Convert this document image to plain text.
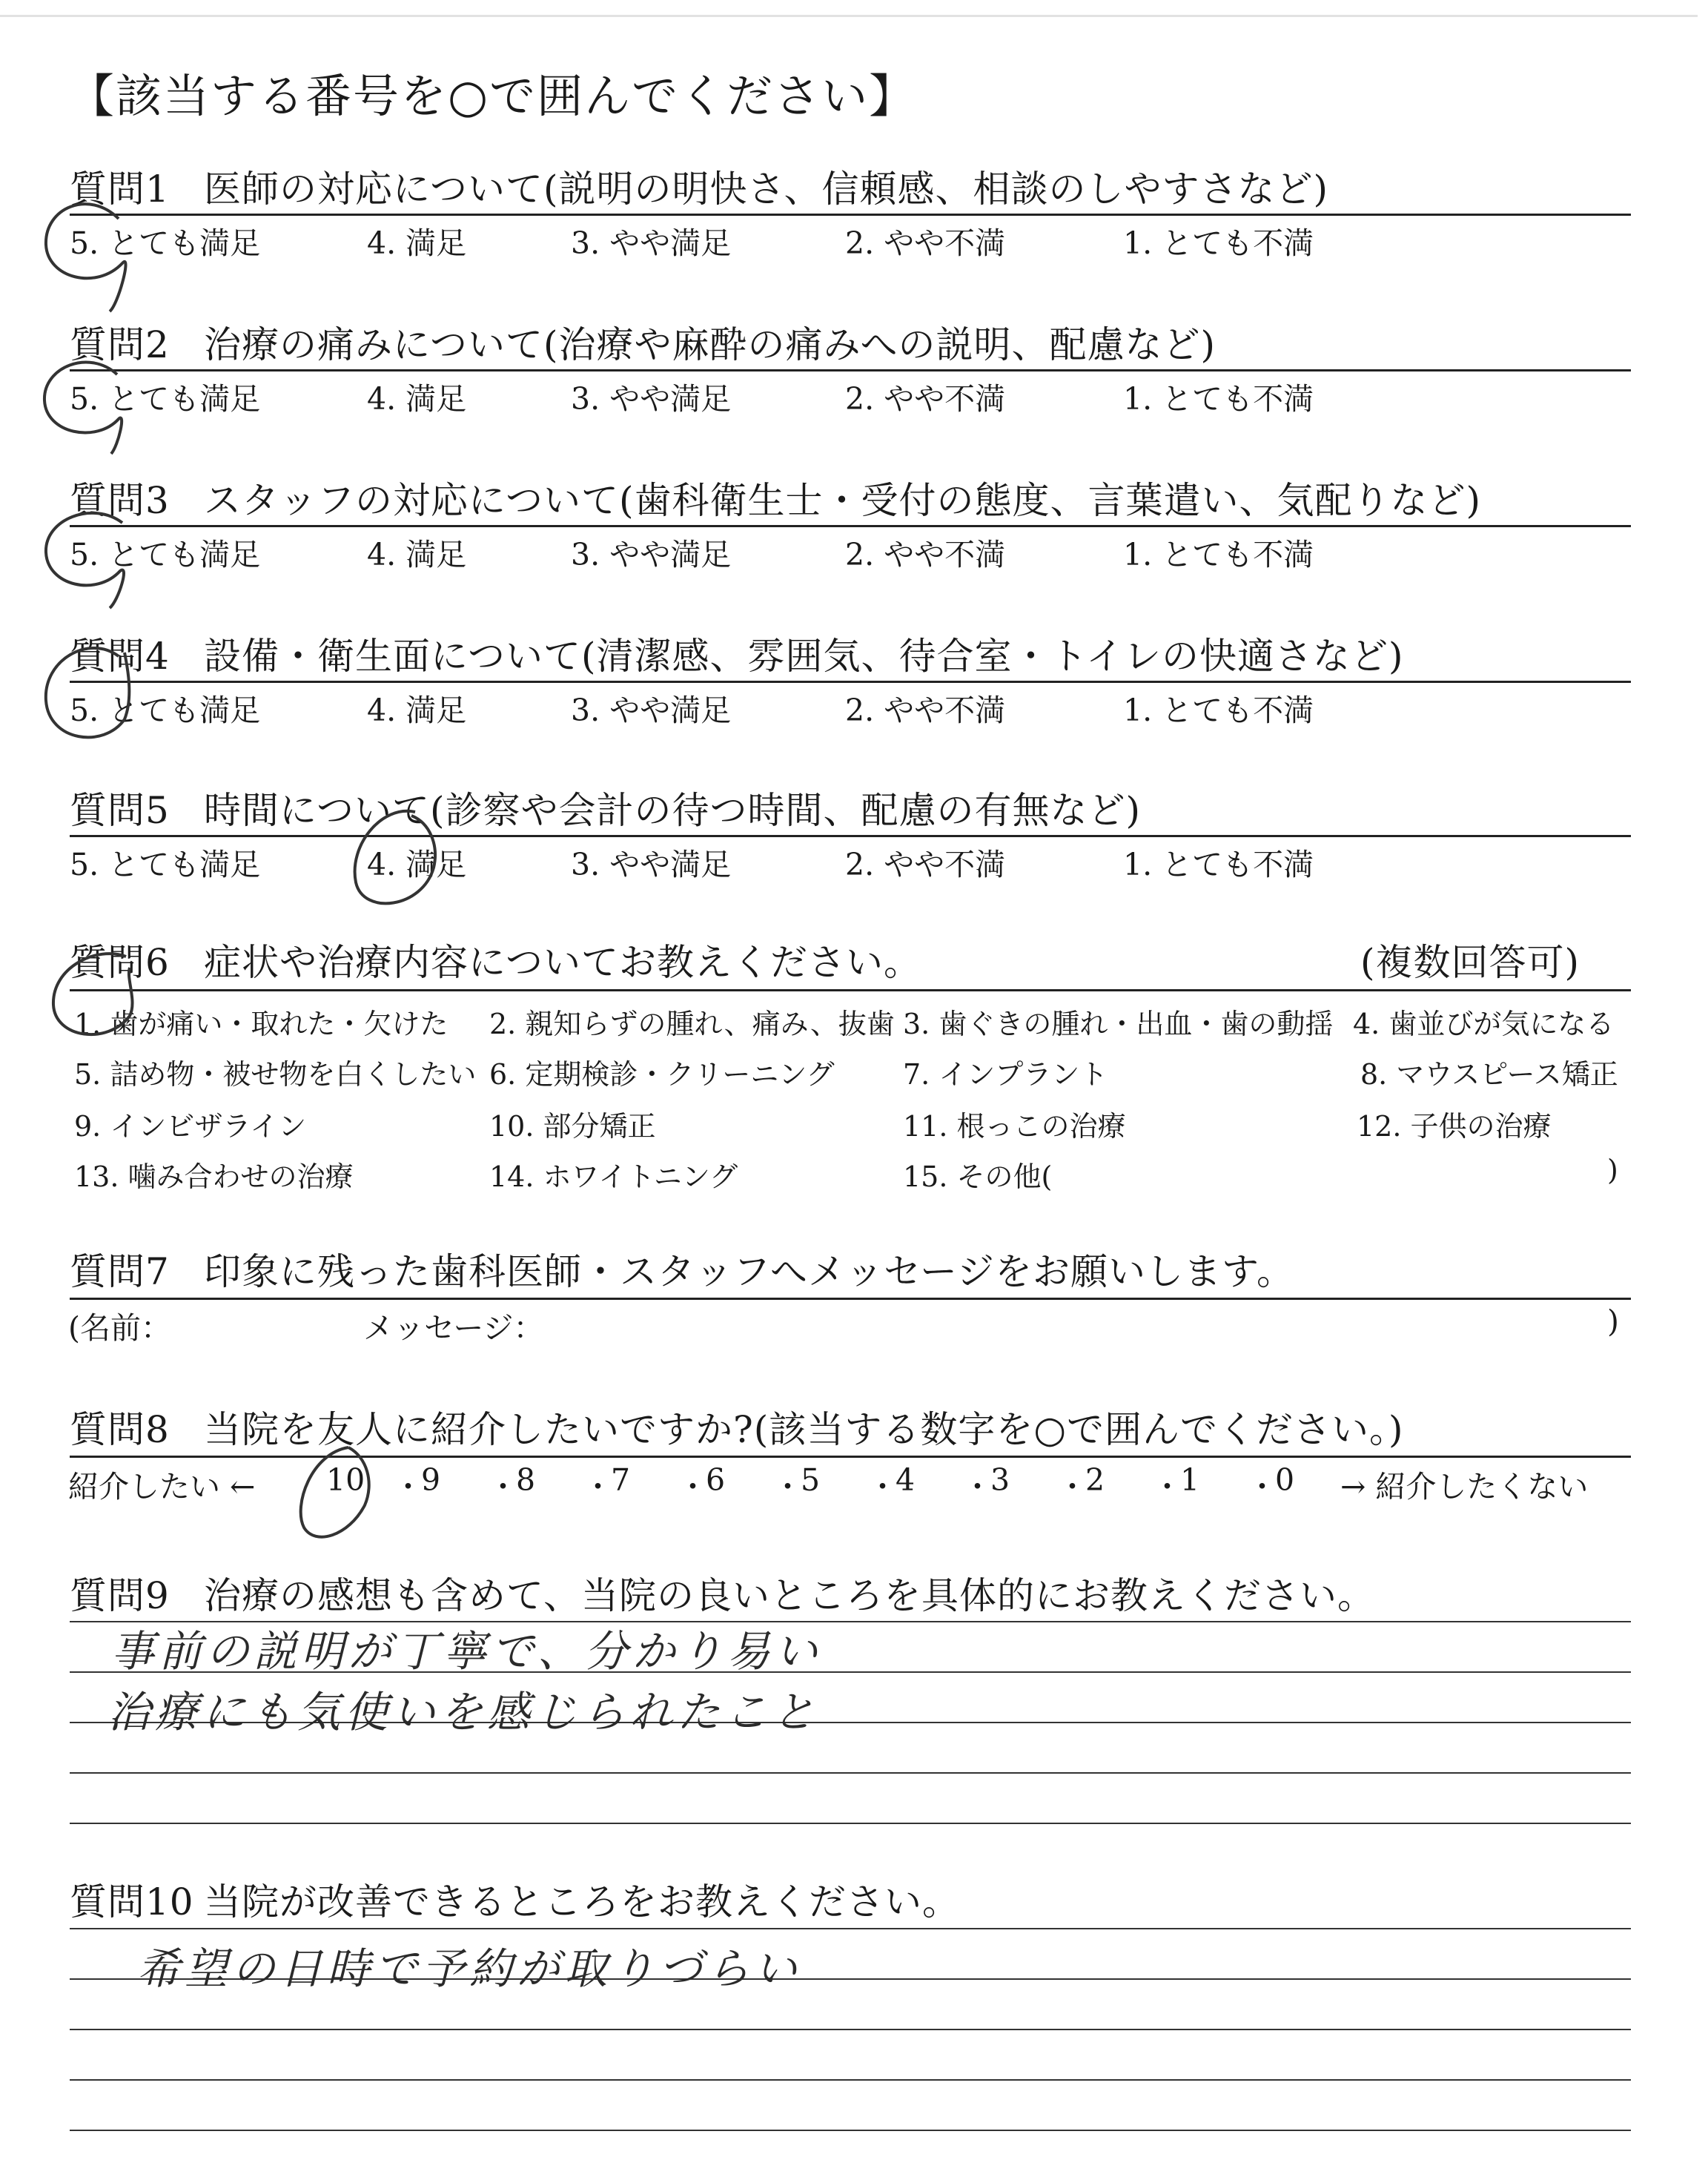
【該当する番号を○で囲んでください】
質問1 医師の対応について(説明の明快さ、信頼感、相談のしやすさなど)
5. とても満足	4. 満足	3. やや満足	2. やや不満	1. とても不満
質問2 治療の痛みについて(治療や麻酔の痛みへの説明、配慮など)
5. とても満足	4. 満足	3. やや満足	2. やや不満	1. とても不満
質問3 スタッフの対応について(歯科衛生士・受付の態度、言葉遣い、気配りなど)
5. とても満足	4. 満足	3. やや満足	2. やや不満	1. とても不満
質問4 設備・衛生面について(清潔感、雰囲気、待合室・トイレの快適さなど)
5. とても満足	4. 満足	3. やや満足	2. やや不満	1. とても不満
質問5 時間について(診察や会計の待つ時間、配慮の有無など)
5. とても満足	4. 満足	3. やや満足	2. やや不満	1. とても不満
質問6 症状や治療内容についてお教えください。	(複数回答可)
1. 歯が痛い・取れた・欠けた 2. 親知らずの腫れ、痛み、抜歯 3. 歯ぐきの腫れ・出血・歯の動揺 4. 歯並びが気になる
5. 詰め物・被せ物を白くしたい 6. 定期検診・クリーニング 7. インプラント	8. マウスピース矯正
9. インビザライン	10. 部分矯正	11. 根っこの治療	12. 子供の治療
13. 噛み合わせの治療	14. ホワイトニング	15. その他(	)
質問7 印象に残った歯科医師・スタッフへメッセージをお願いします。
(名前：	メッセージ：	)
質問8 当院を友人に紹介したいですか?(該当する数字を○で囲んでください。)
紹介したい ← 10 ・
9 ・
8 ・
7 ・
6 ・
5 ・
4 ・
3 ・
2 ・
1 ・
0 → 紹介したくない
質問9 治療の感想も含めて、当院の良いところを具体的にお教えください。
事前の説明が丁寧で、分かり易い
治療にも気使いを感じられたこと
質問10 当院が改善できるところをお教えください。
希望の日時で予約が取りづらい
